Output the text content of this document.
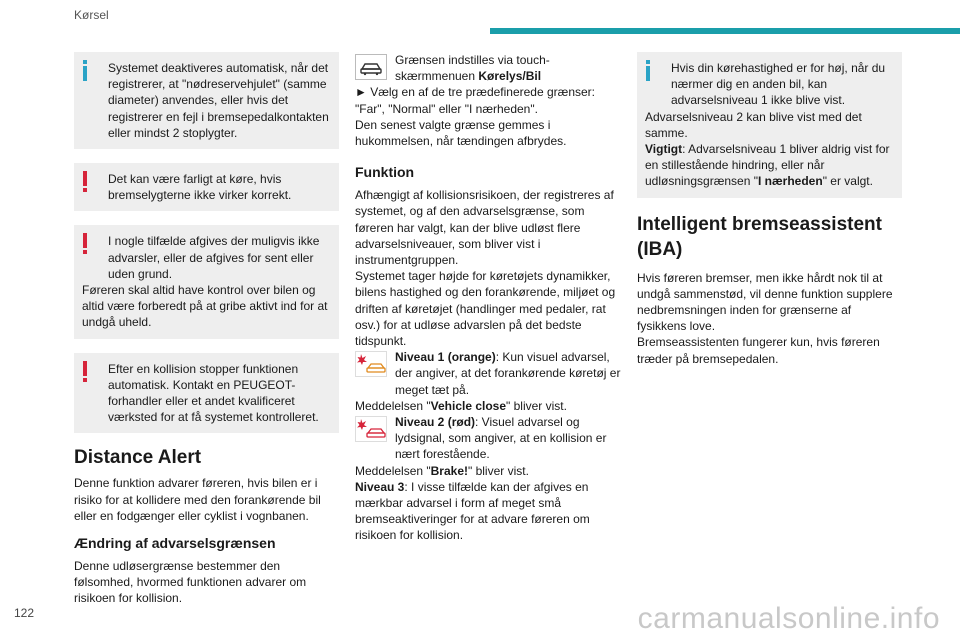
Kørsel

Systemet deaktiveres automatisk, når det registrerer, at "nødreservehjulet" (samme diameter) anvendes, eller hvis det registrerer en fejl i bremsepedalkontakten eller mindst 2 stoplygter.

Det kan være farligt at køre, hvis bremselygterne ikke virker korrekt.

I nogle tilfælde afgives der muligvis ikke advarsler, eller de afgives for sent eller uden grund.

Føreren skal altid have kontrol over bilen og altid være forberedt på at gribe aktivt ind for at undgå uheld.

Efter en kollision stopper funktionen automatisk. Kontakt en PEUGEOT-forhandler eller et andet kvalificeret værksted for at få systemet kontrolleret.

Distance Alert

Denne funktion advarer føreren, hvis bilen er i risiko for at kollidere med den forankørende bil eller en fodgænger eller cyklist i vognbanen.

Ændring af advarselsgrænsen

Denne udløsergrænse bestemmer den følsomhed, hvormed funktionen advarer om risikoen for kollision.

Grænsen indstilles via touch-skærmmenuen Kørelys/Bil

► Vælg en af de tre prædefinerede grænser: "Far", "Normal" eller "I nærheden".

Den senest valgte grænse gemmes i hukommelsen, når tændingen afbrydes.

Funktion

Afhængigt af kollisionsrisikoen, der registreres af systemet, og af den advarselsgrænse, som føreren har valgt, kan der blive udløst flere advarselsniveauer, som bliver vist i instrumentgruppen.

Systemet tager højde for køretøjets dynamikker, bilens hastighed og den forankørende, miljøet og driften af køretøjet (handlinger med pedaler, rat osv.) for at udløse advarslen på det bedste tidspunkt.

Niveau 1 (orange): Kun visuel advarsel, der angiver, at det forankørende køretøj er meget tæt på.

Meddelelsen "Vehicle close" bliver vist.

Niveau 2 (rød): Visuel advarsel og lydsignal, som angiver, at en kollision er nært forestående.

Meddelelsen "Brake!" bliver vist.

Niveau 3: I visse tilfælde kan der afgives en mærkbar advarsel i form af meget små bremseaktiveringer for at advare føreren om risikoen for kollision.

Hvis din kørehastighed er for høj, når du nærmer dig en anden bil, kan advarselsniveau 1 ikke blive vist.

Advarselsniveau 2 kan blive vist med det samme.

Vigtigt: Advarselsniveau 1 bliver aldrig vist for en stillestående hindring, eller når udløsningsgrænsen "I nærheden" er valgt.

Intelligent bremseassistent (IBA)

Hvis føreren bremser, men ikke hårdt nok til at undgå sammenstød, vil denne funktion supplere nedbremsningen inden for grænserne af fysikkens love.

Bremseassistenten fungerer kun, hvis føreren træder på bremsepedalen.

122	carmanualsonline.info
